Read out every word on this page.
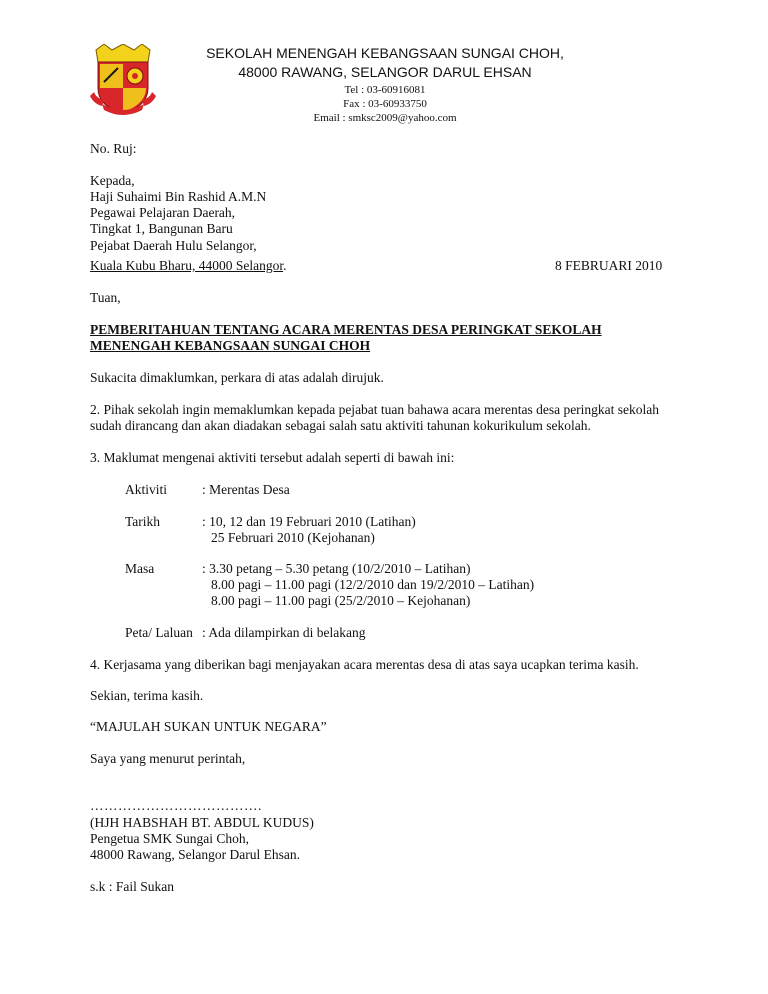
SEKOLAH MENENGAH KEBANGSAAN SUNGAI CHOH,
48000 RAWANG, SELANGOR DARUL EHSAN
Tel : 03-60916081
Fax : 03-60933750
Email : smksc2009@yahoo.com
No. Ruj:
Kepada,
Haji Suhaimi Bin Rashid A.M.N
Pegawai Pelajaran Daerah,
Tingkat 1, Bangunan Baru
Pejabat Daerah Hulu Selangor,
Kuala Kubu Bharu, 44000 Selangor.	8 FEBRUARI 2010
Tuan,
PEMBERITAHUAN TENTANG ACARA MERENTAS DESA PERINGKAT SEKOLAH
MENENGAH KEBANGSAAN SUNGAI CHOH
Sukacita dimaklumkan, perkara di atas adalah dirujuk.
2. Pihak sekolah ingin memaklumkan kepada pejabat tuan bahawa acara merentas desa peringkat sekolah
sudah dirancang dan akan diadakan sebagai salah satu aktiviti tahunan kokurikulum sekolah.
3. Maklumat mengenai aktiviti tersebut adalah seperti di bawah ini:
Aktiviti	: Merentas Desa
Tarikh	: 10, 12 dan 19 Februari 2010 (Latihan)
25 Februari 2010 (Kejohanan)
Masa	: 3.30 petang – 5.30 petang (10/2/2010 – Latihan)
8.00 pagi – 11.00 pagi (12/2/2010 dan 19/2/2010 – Latihan)
8.00 pagi – 11.00 pagi (25/2/2010 – Kejohanan)
Peta/ Laluan : Ada dilampirkan di belakang
4. Kerjasama yang diberikan bagi menjayakan acara merentas desa di atas saya ucapkan terima kasih.
Sekian, terima kasih.
“MAJULAH SUKAN UNTUK NEGARA”
Saya yang menurut perintah,
……………………………….
(HJH HABSHAH BT. ABDUL KUDUS)
Pengetua SMK Sungai Choh,
48000 Rawang, Selangor Darul Ehsan.
s.k : Fail Sukan
